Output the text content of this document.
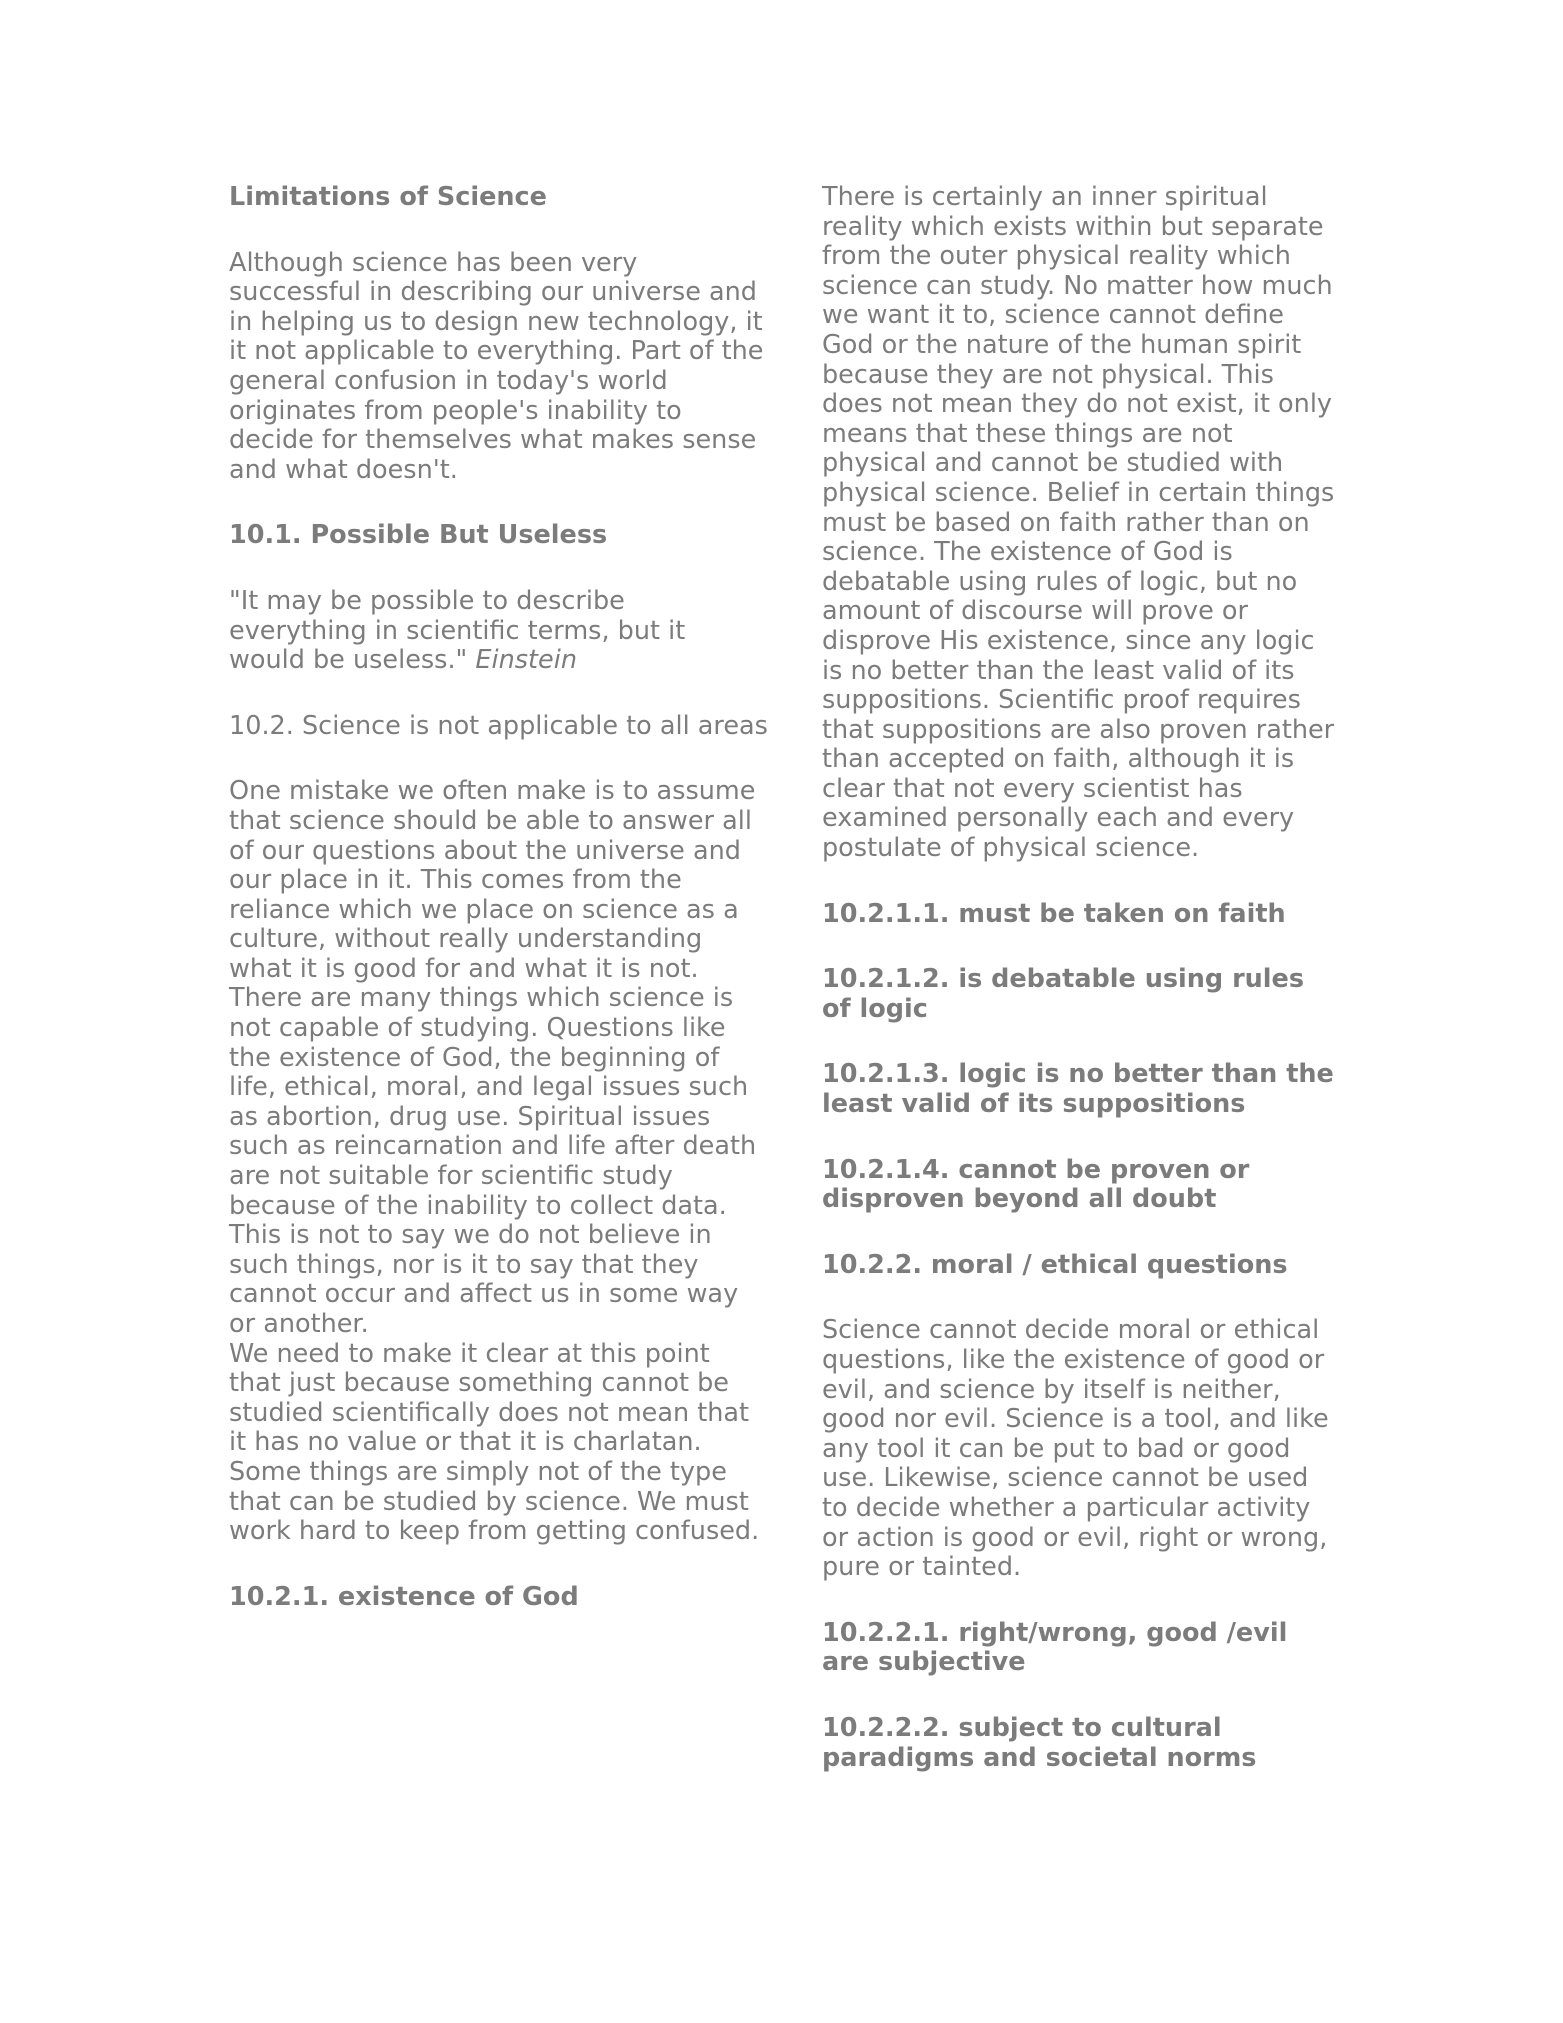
Limitations of Science

Although science has been very successful in describing our universe and in helping us to design new technology, it it not applicable to everything. Part of the general confusion in today's world originates from people's inability to decide for themselves what makes sense and what doesn't.

10.1. Possible But Useless

"It may be possible to describe everything in scientific terms, but it would be useless." Einstein

10.2. Science is not applicable to all areas

One mistake we often make is to assume that science should be able to answer all of our questions about the universe and our place in it. This comes from the reliance which we place on science as a culture, without really understanding what it is good for and what it is not.

There are many things which science is not capable of studying. Questions like the existence of God, the beginning of life, ethical, moral, and legal issues such as abortion, drug use. Spiritual issues such as reincarnation and life after death are not suitable for scientific study because of the inability to collect data. This is not to say we do not believe in such things, nor is it to say that they cannot occur and affect us in some way or another.

We need to make it clear at this point that just because something cannot be studied scientifically does not mean that it has no value or that it is charlatan.

Some things are simply not of the type that can be studied by science. We must work hard to keep from getting confused.

10.2.1. existence of God

There is certainly an inner spiritual reality which exists within but separate from the outer physical reality which science can study. No matter how much we want it to, science cannot define God or the nature of the human spirit because they are not physical. This does not mean they do not exist, it only means that these things are not physical and cannot be studied with physical science. Belief in certain things must be based on faith rather than on science. The existence of God is debatable using rules of logic, but no amount of discourse will prove or disprove His existence, since any logic is no better than the least valid of its suppositions. Scientific proof requires that suppositions are also proven rather than accepted on faith, although it is clear that not every scientist has examined personally each and every postulate of physical science.

10.2.1.1. must be taken on faith
10.2.1.2. is debatable using rules of logic
10.2.1.3. logic is no better than the least valid of its suppositions
10.2.1.4. cannot be proven or disproven beyond all doubt
10.2.2. moral / ethical questions

Science cannot decide moral or ethical questions, like the existence of good or evil, and science by itself is neither, good nor evil. Science is a tool, and like any tool it can be put to bad or good use. Likewise, science cannot be used to decide whether a particular activity or action is good or evil, right or wrong, pure or tainted.

10.2.2.1. right/wrong, good /evil are subjective
10.2.2.2. subject to cultural paradigms and societal norms
